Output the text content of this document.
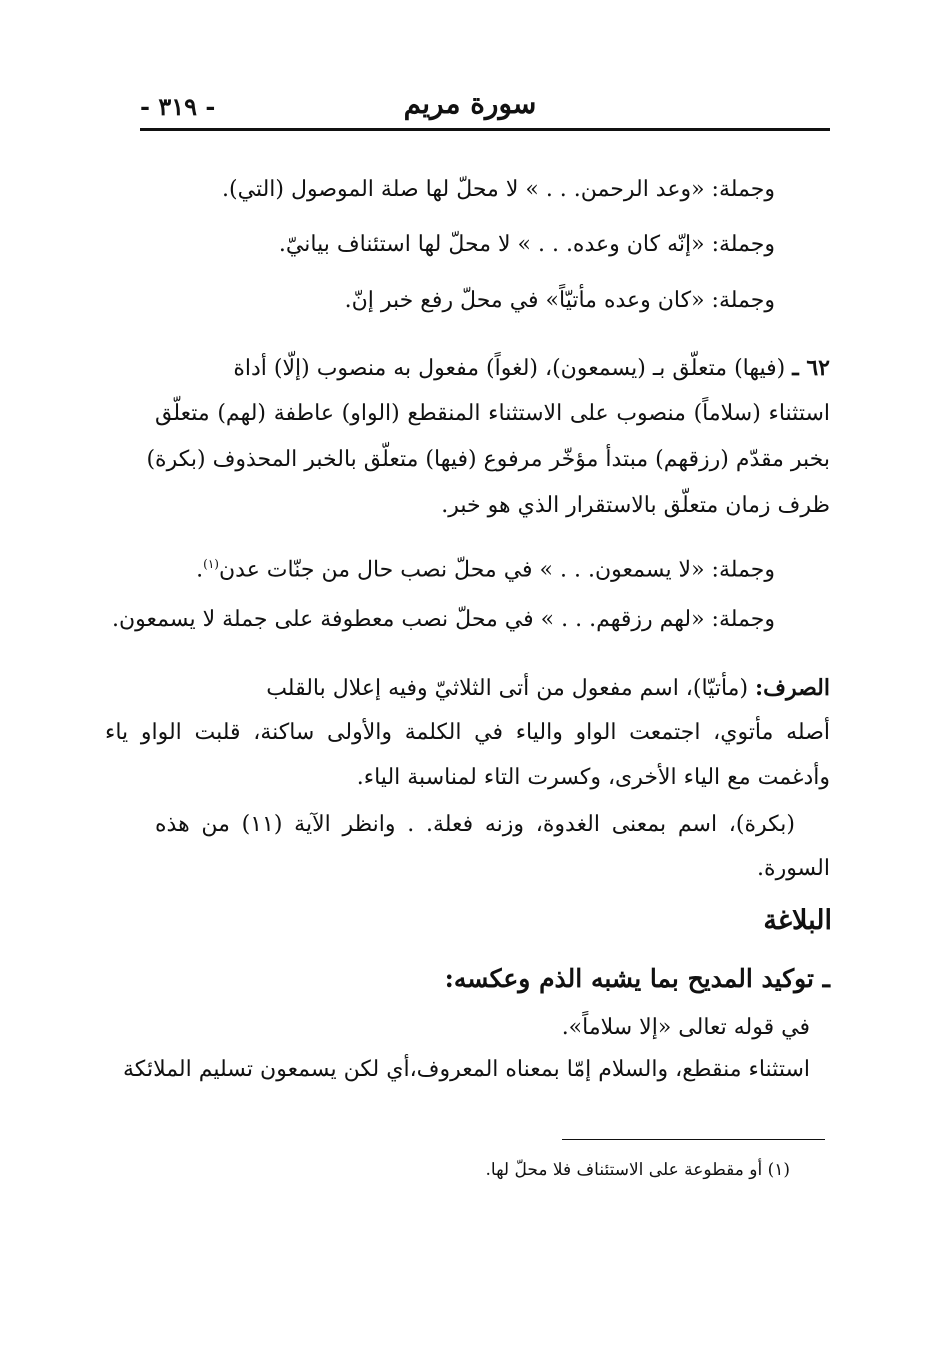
سورة مريم
- ٣١٩ -
وجملة: «وعد الرحمن. . . » لا محلّ لها صلة الموصول (التي).
وجملة: «إنّه كان وعده. . . » لا محلّ لها استئناف بيانيّ.
وجملة: «كان وعده مأتيّاً» في محلّ رفع خبر إنّ.
٦٢ ـ (فيها) متعلّق بـ (يسمعون)، (لغواً) مفعول به منصوب (إلّا) أداة
استثناء (سلاماً) منصوب على الاستثناء المنقطع (الواو) عاطفة (لهم) متعلّق
بخبر مقدّم (رزقهم) مبتدأ مؤخّر مرفوع (فيها) متعلّق بالخبر المحذوف (بكرة)
ظرف زمان متعلّق بالاستقرار الذي هو خبر.
وجملة: «لا يسمعون. . . » في محلّ نصب حال من جنّات عدن$^{(١)}$.
وجملة: «لهم رزقهم. . . » في محلّ نصب معطوفة على جملة لا يسمعون.
الصرف: (مأتيّا)، اسم مفعول من أتى الثلاثيّ وفيه إعلال بالقلب
أصله مأتوي، اجتمعت الواو والياء في الكلمة والأولى ساكنة، قلبت الواو ياء
وأدغمت مع الياء الأخرى، وكسرت التاء لمناسبة الياء.
(بكرة)، اسم بمعنى الغدوة، وزنه فعلة. . وانظر الآية (١١) من هذه
السورة.
البلاغة
ـ توكيد المديح بما يشبه الذم وعكسه:
في قوله تعالى «إلا سلاماً».
استثناء منقطع، والسلام إمّا بمعناه المعروف،أي لكن يسمعون تسليم الملائكة
(١) أو مقطوعة على الاستئناف فلا محلّ لها.
